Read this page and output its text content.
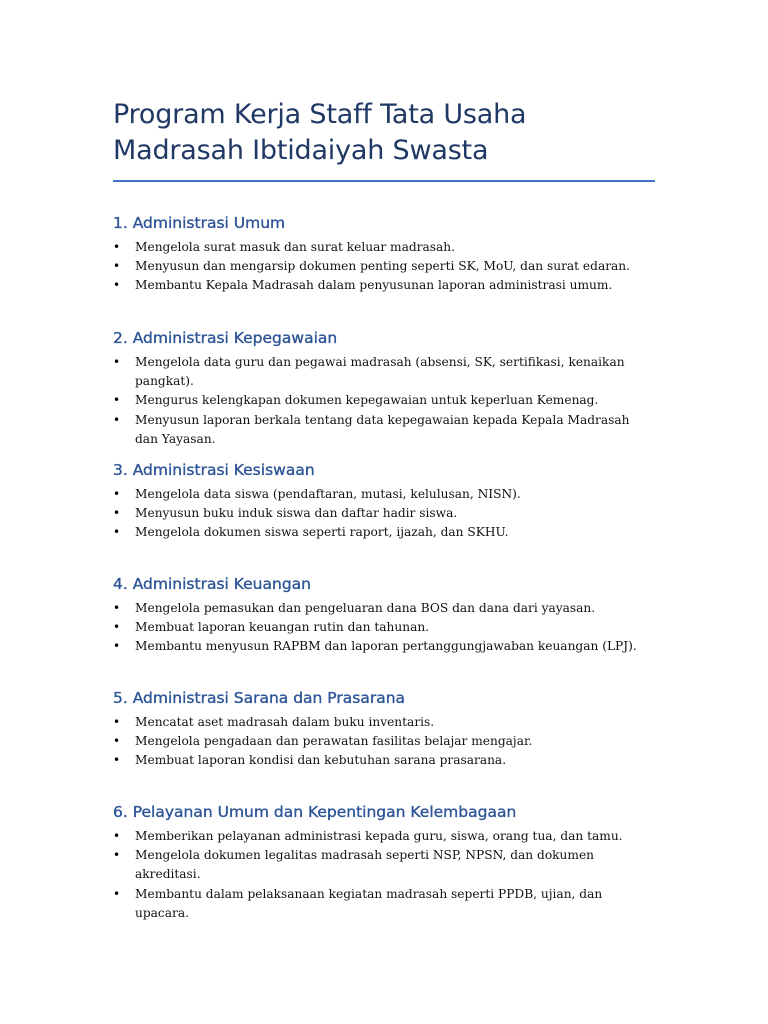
Program Kerja Staff Tata Usaha
Madrasah Ibtidaiyah Swasta
1. Administrasi Umum
• Mengelola surat masuk dan surat keluar madrasah.
• Menyusun dan mengarsip dokumen penting seperti SK, MoU, dan surat edaran.
• Membantu Kepala Madrasah dalam penyusunan laporan administrasi umum.
2. Administrasi Kepegawaian
• Mengelola data guru dan pegawai madrasah (absensi, SK, sertifikasi, kenaikan pangkat).
• Mengurus kelengkapan dokumen kepegawaian untuk keperluan Kemenag.
• Menyusun laporan berkala tentang data kepegawaian kepada Kepala Madrasah dan Yayasan.
3. Administrasi Kesiswaan
• Mengelola data siswa (pendaftaran, mutasi, kelulusan, NISN).
• Menyusun buku induk siswa dan daftar hadir siswa.
• Mengelola dokumen siswa seperti raport, ijazah, dan SKHU.
4. Administrasi Keuangan
• Mengelola pemasukan dan pengeluaran dana BOS dan dana dari yayasan.
• Membuat laporan keuangan rutin dan tahunan.
• Membantu menyusun RAPBM dan laporan pertanggungjawaban keuangan (LPJ).
5. Administrasi Sarana dan Prasarana
• Mencatat aset madrasah dalam buku inventaris.
• Mengelola pengadaan dan perawatan fasilitas belajar mengajar.
• Membuat laporan kondisi dan kebutuhan sarana prasarana.
6. Pelayanan Umum dan Kepentingan Kelembagaan
• Memberikan pelayanan administrasi kepada guru, siswa, orang tua, dan tamu.
• Mengelola dokumen legalitas madrasah seperti NSP, NPSN, dan dokumen akreditasi.
• Membantu dalam pelaksanaan kegiatan madrasah seperti PPDB, ujian, dan upacara.
